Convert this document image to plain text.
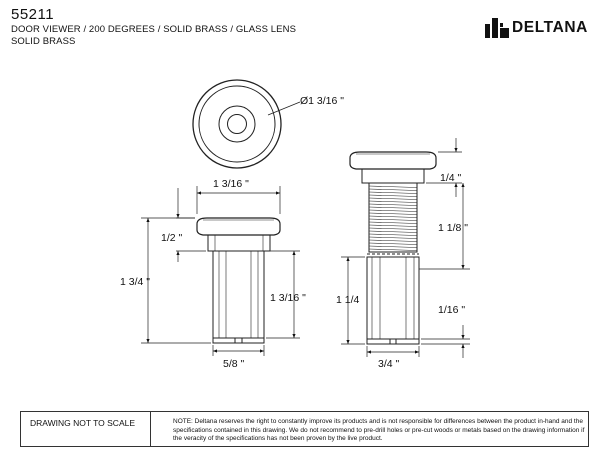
Ø1 3/16 "
1 3/16 "
1/2 "
1 3/4 "
1 3/16 "
5/8 "
1/4 "
1 1/8 "
1 1/4
1/16 "
3/4 "
55211
DOOR VIEWER / 200 DEGREES / SOLID BRASS / GLASS LENS
SOLID BRASS
DELTANA
DRAWING NOT TO SCALE	NOTE: Deltana reserves the right to constantly improve its products and is not responsible for differences between the product in-hand and the specifications contained in this drawing. We do not recommend to pre-drill holes or pre-cut woods or metals based on the drawing information if the veracity of the specifications has not been proven by the live product.
